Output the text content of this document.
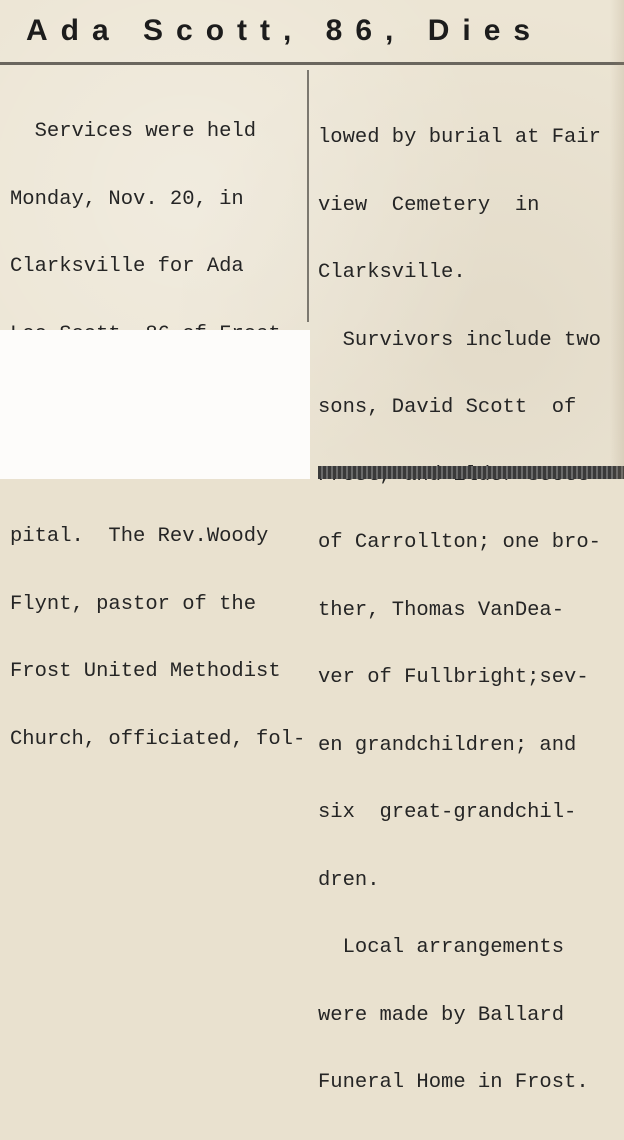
Ada Scott, 86, Dies

Services were held

Monday, Nov. 20, in

Clarksville for Ada

pital.  The Rev.Woody

Flynt, pastor of the

Frost United Methodist

Church, officiated, fol-

lowed by burial at Fair

view  Cemetery  in

Clarksville.

Survivors include two

sons, David Scott  of

of Carrollton; one bro-

ther, Thomas VanDea-

ver of Fullbright;sev-

en grandchildren; and

six  great-grandchil-

dren.

Local arrangements

were made by Ballard

Funeral Home in Frost.
